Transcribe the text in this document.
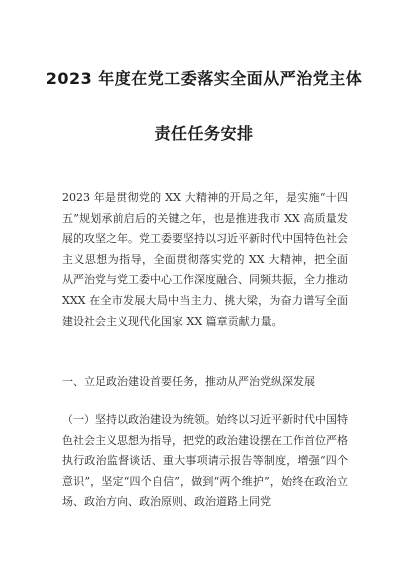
2023 年度在党工委落实全面从严治党主体
责任任务安排

2023 年是贯彻党的 XX 大精神的开局之年，是实施“十四五”规划承前启后的关键之年，也是推进我市 XX 高质量发展的攻坚之年。党工委要坚持以习近平新时代中国特色社会主义思想为指导，全面贯彻落实党的 XX 大精神，把全面从严治党与党工委中心工作深度融合、同频共振，全力推动 XXX 在全市发展大局中当主力、挑大梁，为奋力谱写全面建设社会主义现代化国家 XX 篇章贡献力量。

一、立足政治建设首要任务，推动从严治党纵深发展

（一）坚持以政治建设为统领。始终以习近平新时代中国特色社会主义思想为指导，把党的政治建设摆在工作首位严格执行政治监督谈话、重大事项请示报告等制度，增强“四个意识”，坚定“四个自信”，做到“两个维护”，始终在政治立场、政治方向、政治原则、政治道路上同党
